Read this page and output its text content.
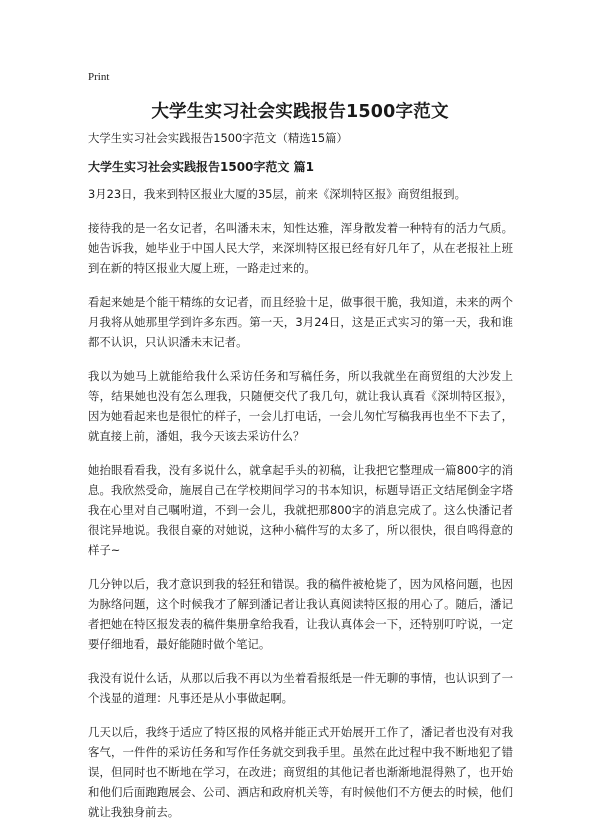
Print
大学生实习社会实践报告1500字范文

大学生实习社会实践报告1500字范文（精选15篇）

大学生实习社会实践报告1500字范文 篇1

3月23日，我来到特区报业大厦的35层，前来《深圳特区报》商贸组报到。

接待我的是一名女记者，名叫潘未末，知性达雅，浑身散发着一种特有的活力气质。她告诉我，她毕业于中国人民大学，来深圳特区报已经有好几年了，从在老报社上班到在新的特区报业大厦上班，一路走过来的。

看起来她是个能干精练的女记者，而且经验十足，做事很干脆，我知道，未来的两个月我将从她那里学到许多东西。第一天，3月24日，这是正式实习的第一天，我和谁都不认识，只认识潘未末记者。

我以为她马上就能给我什么采访任务和写稿任务，所以我就坐在商贸组的大沙发上等，结果她也没有怎么理我，只随便交代了我几句，就让我认真看《深圳特区报》，因为她看起来也是很忙的样子，一会儿打电话，一会儿匆忙写稿我再也坐不下去了，就直接上前，潘姐，我今天该去采访什么？

她抬眼看看我，没有多说什么，就拿起手头的初稿，让我把它整理成一篇800字的消息。我欣然受命，施展自己在学校期间学习的书本知识，标题导语正文结尾倒金字塔我在心里对自己嘱咐道，不到一会儿，我就把那800字的消息完成了。这么快潘记者很诧异地说。我很自豪的对她说，这种小稿件写的太多了，所以很快，很自鸣得意的样子~

几分钟以后，我才意识到我的轻狂和错误。我的稿件被枪毙了，因为风格问题，也因为脉络问题，这个时候我才了解到潘记者让我认真阅读特区报的用心了。随后，潘记者把她在特区报发表的稿件集册拿给我看，让我认真体会一下，还特别叮咛说，一定要仔细地看，最好能随时做个笔记。

我没有说什么话，从那以后我不再以为坐着看报纸是一件无聊的事情，也认识到了一个浅显的道理：凡事还是从小事做起啊。

几天以后，我终于适应了特区报的风格并能正式开始展开工作了，潘记者也没有对我客气，一件件的采访任务和写作任务就交到我手里。虽然在此过程中我不断地犯了错误，但同时也不断地在学习，在改进；商贸组的其他记者也渐渐地混得熟了，也开始和他们后面跑跑展会、公司、酒店和政府机关等，有时候他们不方便去的时候，他们就让我独身前去。
